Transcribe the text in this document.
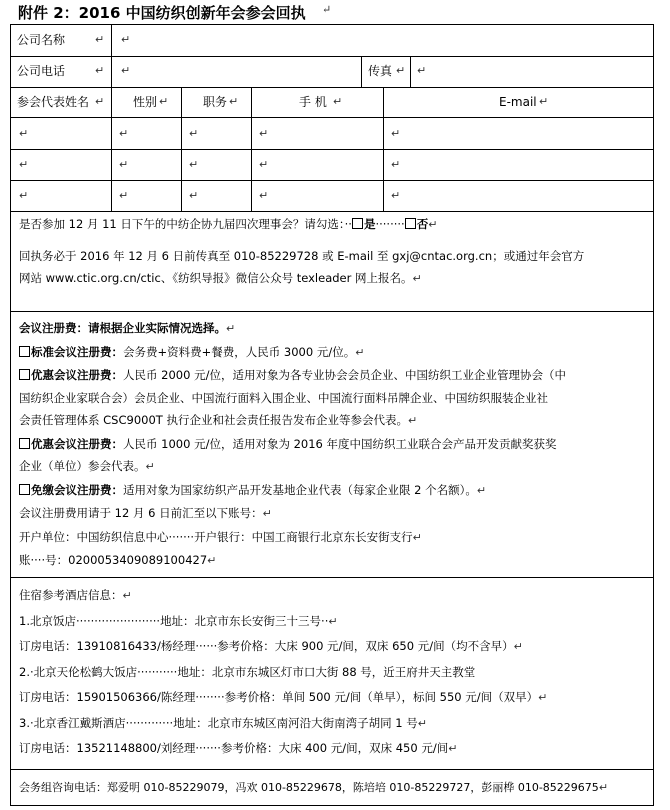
附件 2：2016 中国纺织创新年会参会回执 ↵
公司名称	↵ ↵
公司电话	↵ ↵	传真 ↵ ↵
参会代表姓名 ↵ 性别 ↵	职务 ↵	手 机 ↵	E-mail ↵
↵	↵	↵	↵	↵
↵	↵	↵	↵	↵
↵	↵	↵	↵	↵
是否参加 12 月 11 日下午的中纺企协九届四次理事会？请勾选：·· 是········ 否↵
回执务必于 2016 年 12 月 6 日前传真至 010-85229728 或 E-mail 至 gxj@cntac.org.cn；或通过年会官方
网站 www.ctic.org.cn/ctic、《纺织导报》微信公众号 texleader 网上报名。↵
会议注册费：请根据企业实际情况选择。↵
标准会议注册费：会务费+资料费+餐费，人民币 3000 元/位。↵
优惠会议注册费：人民币 2000 元/位，适用对象为各专业协会会员企业、中国纺织工业企业管理协会（中
国纺织企业家联合会）会员企业、中国流行面料入围企业、中国流行面料吊牌企业、中国纺织服装企业社
会责任管理体系 CSC9000T 执行企业和社会责任报告发布企业等参会代表。↵
优惠会议注册费：人民币 1000 元/位，适用对象为 2016 年度中国纺织工业联合会产品开发贡献奖获奖
企业（单位）参会代表。↵
免缴会议注册费：适用对象为国家纺织产品开发基地企业代表（每家企业限 2 个名额）。↵
会议注册费用请于 12 月 6 日前汇至以下账号：↵
开户单位：中国纺织信息中心·······开户银行：中国工商银行北京东长安街支行↵
账····号：0200053409089100427↵
住宿参考酒店信息：↵
1.北京饭店·······················地址：北京市东长安街三十三号··↵
订房电话：13910816433/杨经理······参考价格：大床 900 元/间，双床 650 元/间（均不含早）↵
2.·北京天伦松鹤大饭店···········地址：北京市东城区灯市口大街 88 号，近王府井天主教堂
订房电话：15901506366/陈经理········参考价格：单间 500 元/间（单早），标间 550 元/间（双早）↵
3.·北京香江戴斯酒店·············地址：北京市东城区南河沿大街南湾子胡同 1 号↵
订房电话：13521148800/刘经理·······参考价格：大床 400 元/间，双床 450 元/间↵
会务组咨询电话：郑爱明 010-85229079，冯欢 010-85229678，陈培培 010-85229727，彭丽桦 010-85229675↵
